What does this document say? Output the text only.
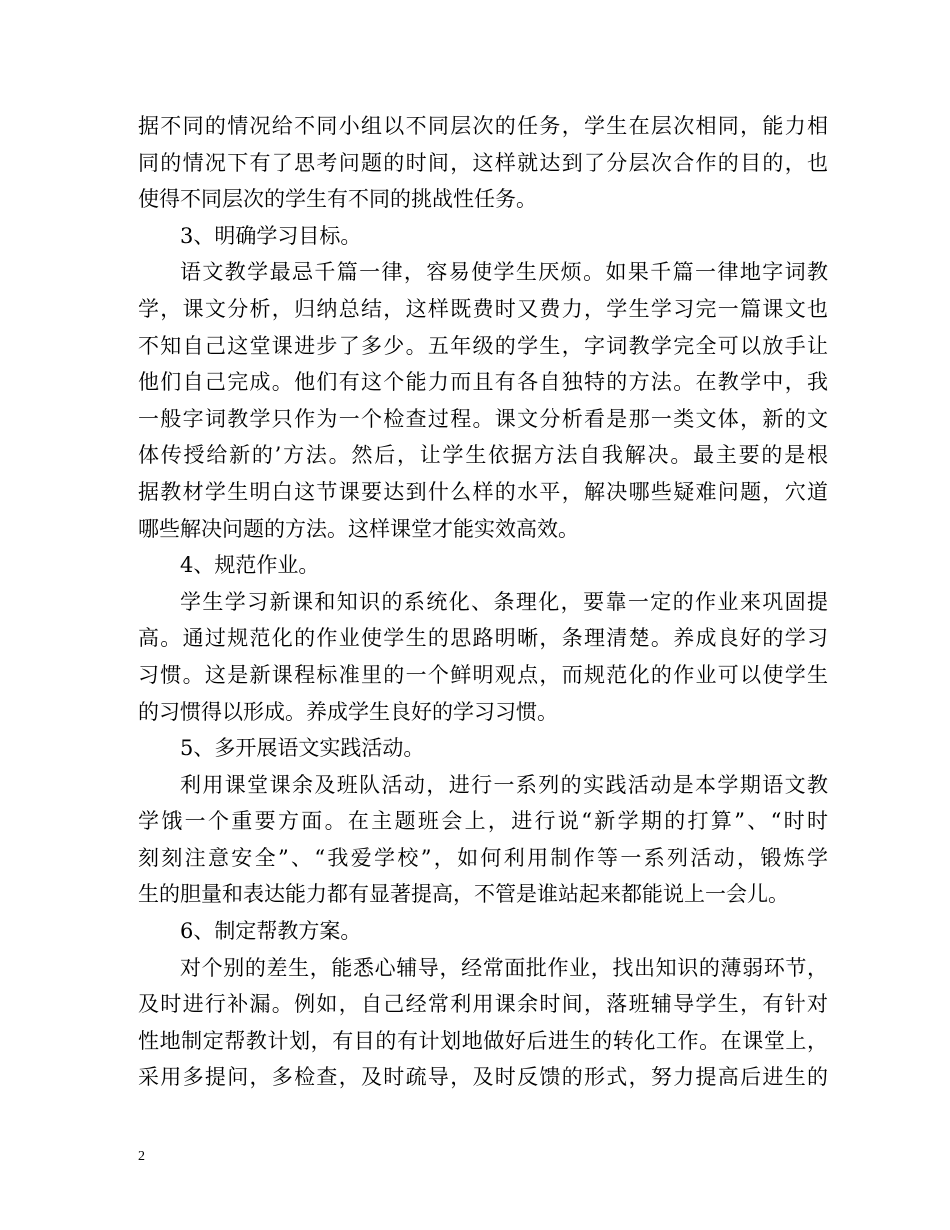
据不同的情况给不同小组以不同层次的任务，学生在层次相同，能力相
同的情况下有了思考问题的时间，这样就达到了分层次合作的目的，也
使得不同层次的学生有不同的挑战性任务。
3、明确学习目标。
语文教学最忌千篇一律，容易使学生厌烦。如果千篇一律地字词教
学，课文分析，归纳总结，这样既费时又费力，学生学习完一篇课文也
不知自己这堂课进步了多少。五年级的学生，字词教学完全可以放手让
他们自己完成。他们有这个能力而且有各自独特的方法。在教学中，我
一般字词教学只作为一个检查过程。课文分析看是那一类文体，新的文
体传授给新的’方法。然后，让学生依据方法自我解决。最主要的是根
据教材学生明白这节课要达到什么样的水平，解决哪些疑难问题，穴道
哪些解决问题的方法。这样课堂才能实效高效。
4、规范作业。
学生学习新课和知识的系统化、条理化，要靠一定的作业来巩固提
高。通过规范化的作业使学生的思路明晰，条理清楚。养成良好的学习
习惯。这是新课程标准里的一个鲜明观点，而规范化的作业可以使学生
的习惯得以形成。养成学生良好的学习习惯。
5、多开展语文实践活动。
利用课堂课余及班队活动，进行一系列的实践活动是本学期语文教
学饿一个重要方面。在主题班会上，进行说“新学期的打算”、“时时
刻刻注意安全”、“我爱学校”，如何利用制作等一系列活动，锻炼学
生的胆量和表达能力都有显著提高，不管是谁站起来都能说上一会儿。
6、制定帮教方案。
对个别的差生，能悉心辅导，经常面批作业，找出知识的薄弱环节，
及时进行补漏。例如，自己经常利用课余时间，落班辅导学生，有针对
性地制定帮教计划，有目的有计划地做好后进生的转化工作。在课堂上，
采用多提问，多检查，及时疏导，及时反馈的形式，努力提高后进生的
2
